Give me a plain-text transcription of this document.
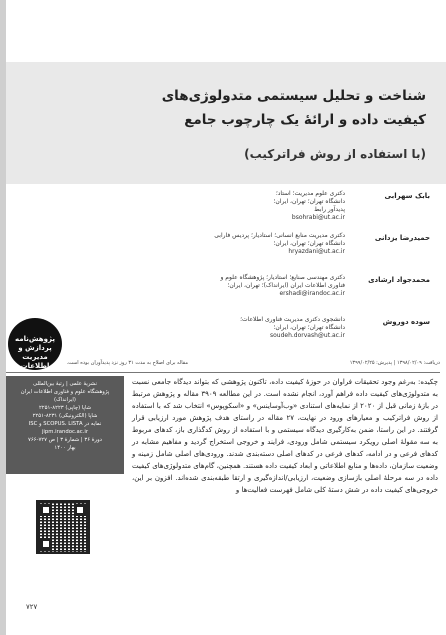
شناخت و تحلیل سیستمی متدولوژی‌های
کیفیت داده و ارائهٔ یک چارچوب جامع
(با استفاده از روش فراترکیب)
بابک سهرابی
دکتری علوم مدیریت؛ استاد؛
دانشگاه تهران؛ تهران، ایران؛
پدیدآور رابط
bsohrabi@ut.ac.ir
حمیدرضا یزدانی
دکتری مدیریت منابع انسانی؛ استادیار؛ پردیس فارابی
دانشگاه تهران؛ تهران، ایران؛
hryazdani@ut.ac.ir
محمدجواد ارشادی
دکتری مهندسی صنایع؛ استادیار؛ پژوهشگاه علوم و
فناوری اطلاعات ایران (ایرانداک)؛ تهران، ایران؛
ershadi@irandoc.ac.ir
سوده دوروش
دانشجوی دکتری مدیریت فناوری اطلاعات؛
دانشگاه تهران؛ تهران، ایران؛
soudeh.dorvash@ut.ac.ir
پژوهش‌نامه پردازش و مدیریت اطلاعات	دریافت: ۱۳۹۸/۰۲/۰۹ | پذیرش: ۱۳۹۹/۰۲/۲۵
مقاله برای اصلاح به مدت ۳۱ روز نزد پدیدآوران بوده است.
نشریهٔ علمی | رتبهٔ بین‌المللی
پژوهشگاه علوم و فناوری اطلاعات ایران
(ایرانداک)
شاپا (چاپی) ۸۲۲۳-۲۲۵۱
شاپا (الکترونیکی) ۸۲۳۱-۲۲۵۱
نمایه در SCOPUS، LISTA و ISC
jipm.irandoc.ac.ir
دورهٔ ۳۶ | شمارهٔ ۳ | ص ۷۲۷-۷۶۶
بهار ۱۴۰۰

چکیده: به‌رغم وجود تحقیقات فراوان در حوزهٔ کیفیت داده، تاکنون پژوهشی که بتواند دیدگاه جامعی نسبت به متدولوژی‌های کیفیت داده فراهم آورد، انجام نشده است. در این مطالعه ۳۹۰۹ مقاله و پژوهش مرتبط در بازهٔ زمانی قبل از ۲۰۲۰ از نمایه‌های استنادی «وب‌آوساینس» و «اسکوپوس» انتخاب شد که با استفاده از روش فراترکیب و معیارهای ورود در نهایت، ۲۷ مقاله در راستای هدف پژوهش مورد ارزیابی قرار گرفتند. در این راستا، ضمن به‌کارگیری دیدگاه سیستمی و با استفاده از روش کدگذاری باز، کدهای مربوط به سه مقولهٔ اصلی رویکرد سیستمی شامل ورودی، فرایند و خروجی استخراج گردید و مفاهیم مشابه در کدهای فرعی و در ادامه، کدهای فرعی در کدهای اصلی دسته‌بندی شدند. ورودی‌های اصلی شامل زمینه و وضعیت سازمان، داده‌ها و منابع اطلاعاتی و ابعاد کیفیت داده هستند. همچنین، گام‌های متدولوژی‌های کیفیت داده در سه مرحلهٔ اصلی بازسازی وضعیت، ارزیابی/اندازه‌گیری و ارتقا طبقه‌بندی شده‌اند. افزون بر این، خروجی‌های کیفیت داده در شش دستهٔ کلی شامل فهرست فعالیت‌ها و

۷۲۷
